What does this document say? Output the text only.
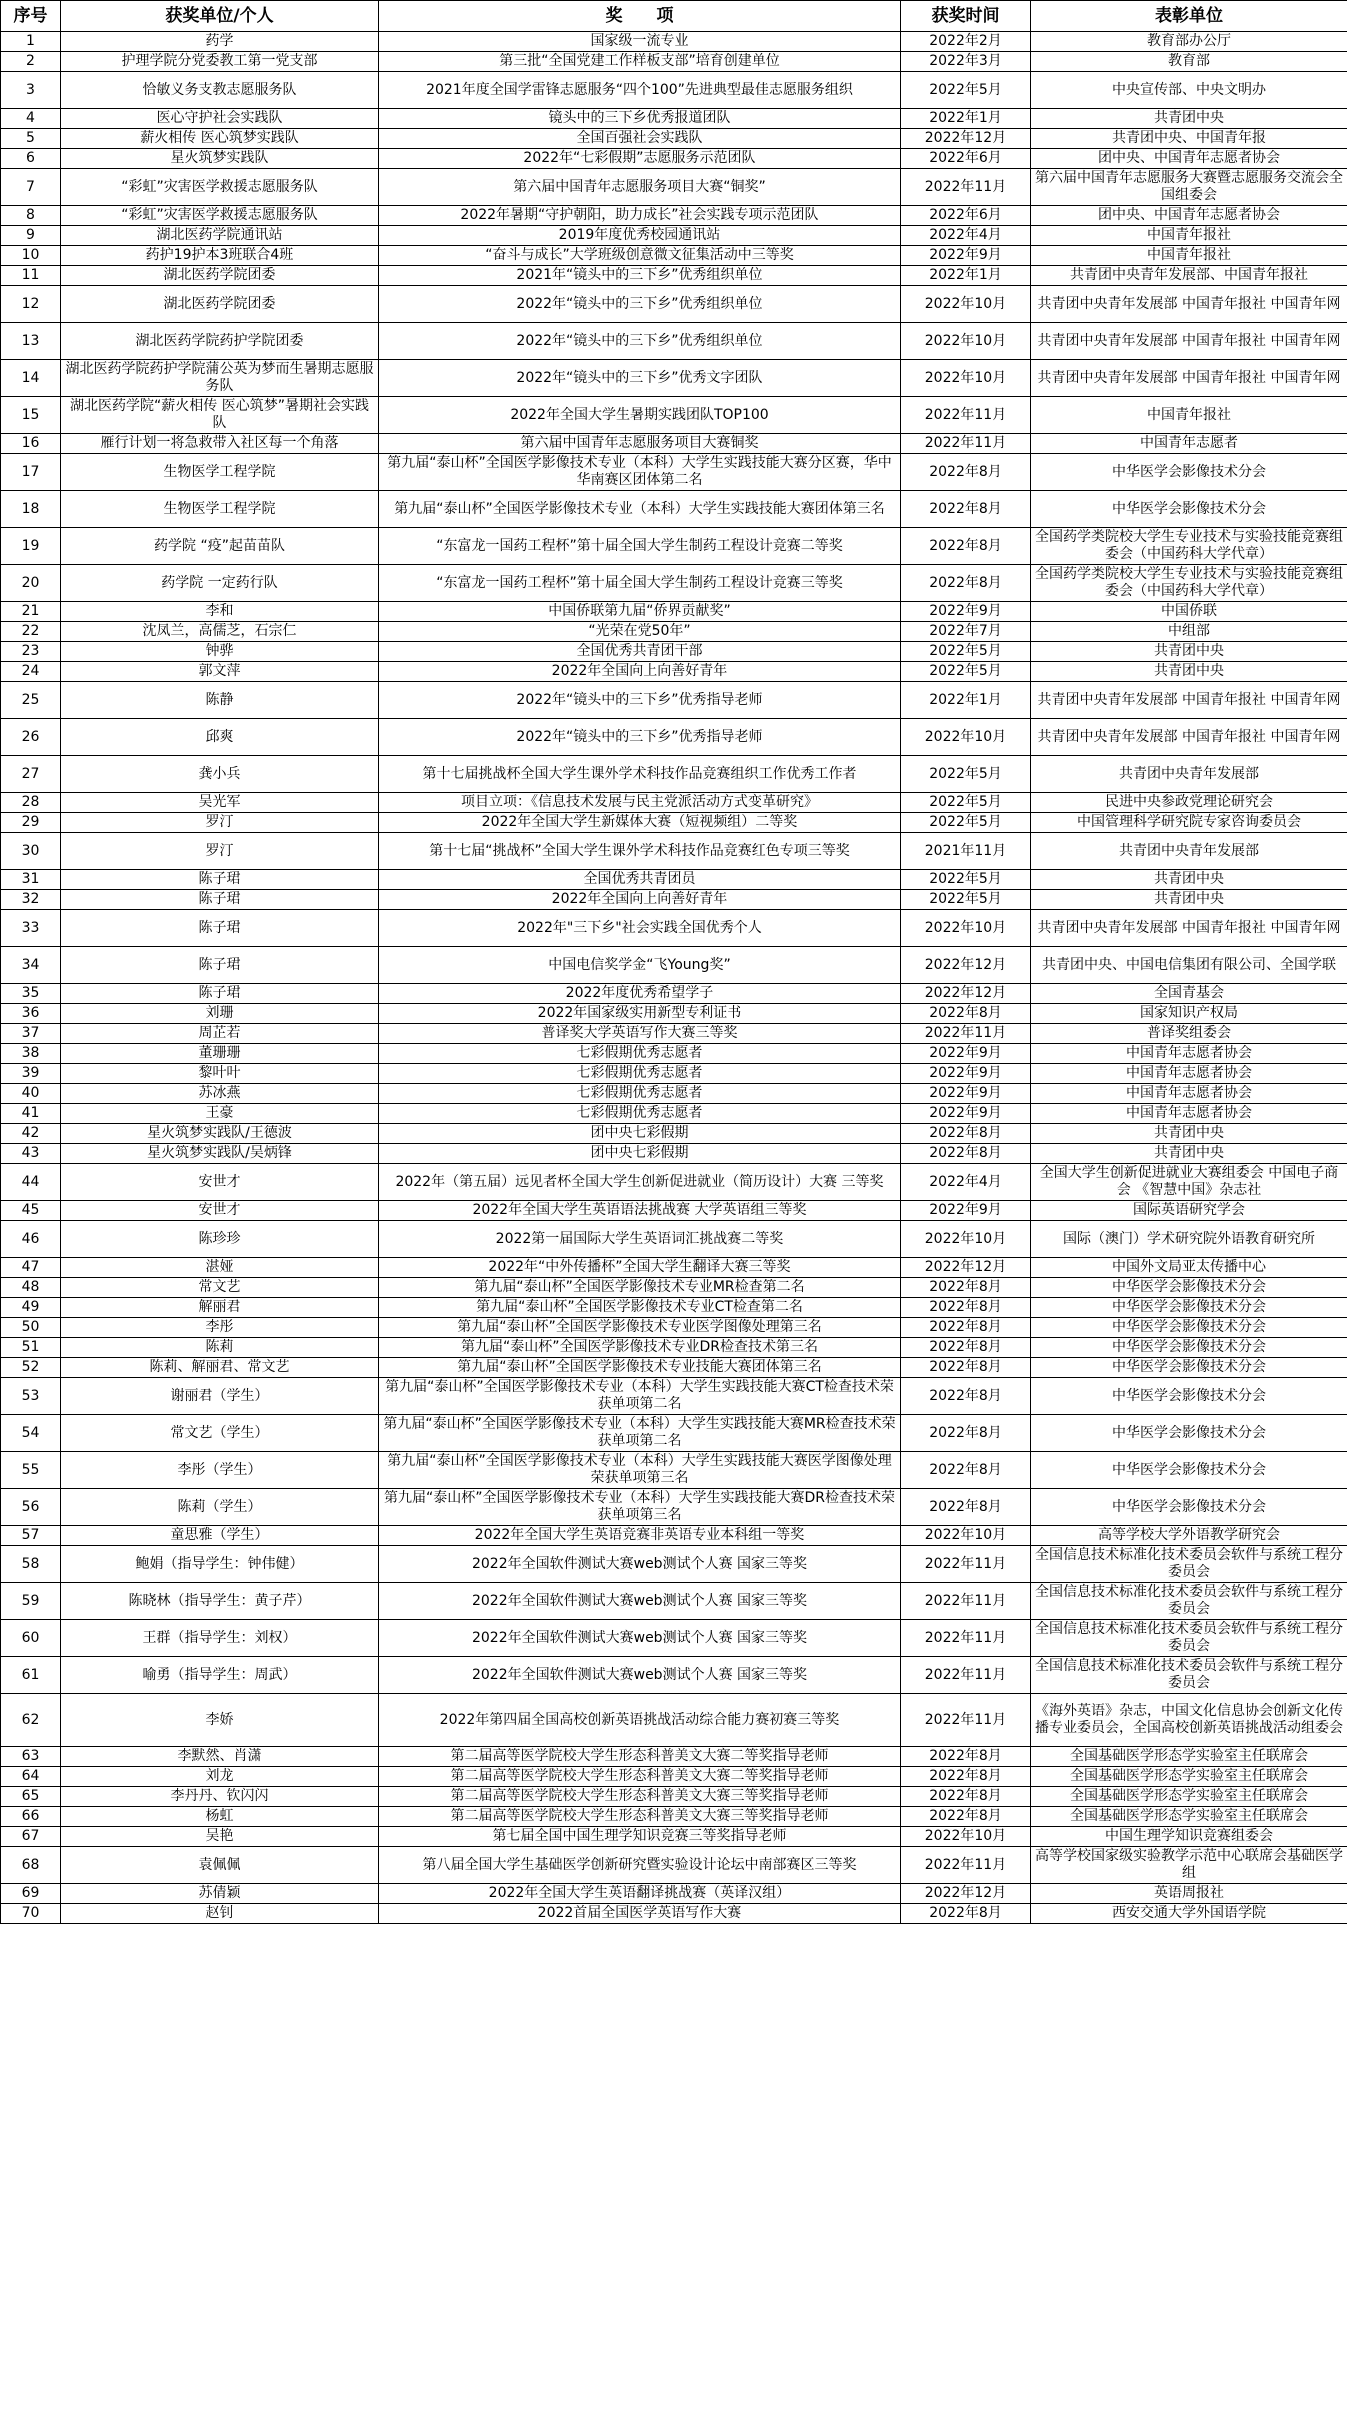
序号	获奖单位/个人	奖　　项	获奖时间	表彰单位
1	药学	国家级一流专业	2022年2月	教育部办公厅
2	护理学院分党委教工第一党支部	第三批“全国党建工作样板支部”培育创建单位	2022年3月	教育部
3	恰敏义务支教志愿服务队	2021年度全国学雷锋志愿服务“四个100”先进典型最佳志愿服务组织	2022年5月	中央宣传部、中央文明办
4	医心守护社会实践队	镜头中的三下乡优秀报道团队	2022年1月	共青团中央
5	薪火相传 医心筑梦实践队	全国百强社会实践队	2022年12月	共青团中央、中国青年报
6	星火筑梦实践队	2022年“七彩假期”志愿服务示范团队	2022年6月	团中央、中国青年志愿者协会
7	“彩虹”灾害医学救援志愿服务队	第六届中国青年志愿服务项目大赛“铜奖”	2022年11月	第六届中国青年志愿服务大赛暨志愿服务交流会全国组委会
8	“彩虹”灾害医学救援志愿服务队	2022年暑期“守护朝阳，助力成长”社会实践专项示范团队	2022年6月	团中央、中国青年志愿者协会
9	湖北医药学院通讯站	2019年度优秀校园通讯站	2022年4月	中国青年报社
10	药护19护本3班联合4班	“奋斗与成长”大学班级创意微文征集活动中三等奖	2022年9月	中国青年报社
11	湖北医药学院团委	2021年“镜头中的三下乡”优秀组织单位	2022年1月	共青团中央青年发展部、中国青年报社
12	湖北医药学院团委	2022年“镜头中的三下乡”优秀组织单位	2022年10月	共青团中央青年发展部 中国青年报社 中国青年网
13	湖北医药学院药护学院团委	2022年“镜头中的三下乡”优秀组织单位	2022年10月	共青团中央青年发展部 中国青年报社 中国青年网
14	湖北医药学院药护学院蒲公英为梦而生暑期志愿服务队	2022年“镜头中的三下乡”优秀文字团队	2022年10月	共青团中央青年发展部 中国青年报社 中国青年网
15	湖北医药学院“薪火相传 医心筑梦”暑期社会实践队	2022年全国大学生暑期实践团队TOP100	2022年11月	中国青年报社
16	雁行计划一将急救带入社区每一个角落	第六届中国青年志愿服务项目大赛铜奖	2022年11月	中国青年志愿者
17	生物医学工程学院	第九届“泰山杯”全国医学影像技术专业（本科）大学生实践技能大赛分区赛，华中华南赛区团体第二名	2022年8月	中华医学会影像技术分会
18	生物医学工程学院	第九届“泰山杯”全国医学影像技术专业（本科）大学生实践技能大赛团体第三名	2022年8月	中华医学会影像技术分会
19	药学院 “疫”起苗苗队	“东富龙一国药工程杯”第十届全国大学生制药工程设计竞赛二等奖	2022年8月	全国药学类院校大学生专业技术与实验技能竞赛组委会（中国药科大学代章）
20	药学院 一定药行队	“东富龙一国药工程杯”第十届全国大学生制药工程设计竞赛三等奖	2022年8月	全国药学类院校大学生专业技术与实验技能竞赛组委会（中国药科大学代章）
21	李和	中国侨联第九届“侨界贡献奖”	2022年9月	中国侨联
22	沈凤兰，高儒芝，石宗仁	“光荣在党50年”	2022年7月	中组部
23	钟骅	全国优秀共青团干部	2022年5月	共青团中央
24	郭文萍	2022年全国向上向善好青年	2022年5月	共青团中央
25	陈静	2022年“镜头中的三下乡”优秀指导老师	2022年1月	共青团中央青年发展部 中国青年报社 中国青年网
26	邱爽	2022年“镜头中的三下乡”优秀指导老师	2022年10月	共青团中央青年发展部 中国青年报社 中国青年网
27	龚小兵	第十七届挑战杯全国大学生课外学术科技作品竞赛组织工作优秀工作者	2022年5月	共青团中央青年发展部
28	吴光军	项目立项：《信息技术发展与民主党派活动方式变革研究》	2022年5月	民进中央参政党理论研究会
29	罗汀	2022年全国大学生新媒体大赛（短视频组）二等奖	2022年5月	中国管理科学研究院专家咨询委员会
30	罗汀	第十七届“挑战杯”全国大学生课外学术科技作品竞赛红色专项三等奖	2021年11月	共青团中央青年发展部
31	陈子珺	全国优秀共青团员	2022年5月	共青团中央
32	陈子珺	2022年全国向上向善好青年	2022年5月	共青团中央
33	陈子珺	2022年"三下乡"社会实践全国优秀个人	2022年10月	共青团中央青年发展部 中国青年报社 中国青年网
34	陈子珺	中国电信奖学金“飞Young奖”	2022年12月	共青团中央、中国电信集团有限公司、全国学联
35	陈子珺	2022年度优秀希望学子	2022年12月	全国青基会
36	刘珊	2022年国家级实用新型专利证书	2022年8月	国家知识产权局
37	周芷若	普译奖大学英语写作大赛三等奖	2022年11月	普译奖组委会
38	董珊珊	七彩假期优秀志愿者	2022年9月	中国青年志愿者协会
39	黎叶叶	七彩假期优秀志愿者	2022年9月	中国青年志愿者协会
40	苏冰燕	七彩假期优秀志愿者	2022年9月	中国青年志愿者协会
41	王豪	七彩假期优秀志愿者	2022年9月	中国青年志愿者协会
42	星火筑梦实践队/王德波	团中央七彩假期	2022年8月	共青团中央
43	星火筑梦实践队/吴炳锋	团中央七彩假期	2022年8月	共青团中央
44	安世才	2022年（第五届）远见者杯全国大学生创新促进就业（简历设计）大赛 三等奖	2022年4月	全国大学生创新促进就业大赛组委会 中国电子商会 《智慧中国》杂志社
45	安世才	2022年全国大学生英语语法挑战赛 大学英语组三等奖	2022年9月	国际英语研究学会
46	陈珍珍	2022第一届国际大学生英语词汇挑战赛二等奖	2022年10月	国际（澳门）学术研究院外语教育研究所
47	湛娅	2022年“中外传播杯”全国大学生翻译大赛三等奖	2022年12月	中国外文局亚太传播中心
48	常文艺	第九届“泰山杯”全国医学影像技术专业MR检查第二名	2022年8月	中华医学会影像技术分会
49	解丽君	第九届“泰山杯”全国医学影像技术专业CT检查第二名	2022年8月	中华医学会影像技术分会
50	李彤	第九届“泰山杯”全国医学影像技术专业医学图像处理第三名	2022年8月	中华医学会影像技术分会
51	陈莉	第九届“泰山杯”全国医学影像技术专业DR检查技术第三名	2022年8月	中华医学会影像技术分会
52	陈莉、解丽君、常文艺	第九届“泰山杯”全国医学影像技术专业技能大赛团体第三名	2022年8月	中华医学会影像技术分会
53	谢丽君（学生）	第九届“泰山杯”全国医学影像技术专业（本科）大学生实践技能大赛CT检查技术荣获单项第二名	2022年8月	中华医学会影像技术分会
54	常文艺（学生）	第九届“泰山杯”全国医学影像技术专业（本科）大学生实践技能大赛MR检查技术荣获单项第二名	2022年8月	中华医学会影像技术分会
55	李彤（学生）	第九届“泰山杯”全国医学影像技术专业（本科）大学生实践技能大赛医学图像处理荣获单项第三名	2022年8月	中华医学会影像技术分会
56	陈莉（学生）	第九届“泰山杯”全国医学影像技术专业（本科）大学生实践技能大赛DR检查技术荣获单项第三名	2022年8月	中华医学会影像技术分会
57	童思雅（学生）	2022年全国大学生英语竞赛非英语专业本科组一等奖	2022年10月	高等学校大学外语教学研究会
58	鲍娟（指导学生：钟伟健）	2022年全国软件测试大赛web测试个人赛 国家三等奖	2022年11月	全国信息技术标准化技术委员会软件与系统工程分委员会
59	陈晓林（指导学生：黄子芹）	2022年全国软件测试大赛web测试个人赛 国家三等奖	2022年11月	全国信息技术标准化技术委员会软件与系统工程分委员会
60	王群（指导学生：刘权）	2022年全国软件测试大赛web测试个人赛 国家三等奖	2022年11月	全国信息技术标准化技术委员会软件与系统工程分委员会
61	喻勇（指导学生：周武）	2022年全国软件测试大赛web测试个人赛 国家三等奖	2022年11月	全国信息技术标准化技术委员会软件与系统工程分委员会
62	李娇	2022年第四届全国高校创新英语挑战活动综合能力赛初赛三等奖	2022年11月	《海外英语》杂志，中国文化信息协会创新文化传播专业委员会，全国高校创新英语挑战活动组委会
63	李默然、肖潇	第二届高等医学院校大学生形态科普美文大赛二等奖指导老师	2022年8月	全国基础医学形态学实验室主任联席会
64	刘龙	第二届高等医学院校大学生形态科普美文大赛二等奖指导老师	2022年8月	全国基础医学形态学实验室主任联席会
65	李丹丹、钦闪闪	第二届高等医学院校大学生形态科普美文大赛三等奖指导老师	2022年8月	全国基础医学形态学实验室主任联席会
66	杨虹	第二届高等医学院校大学生形态科普美文大赛三等奖指导老师	2022年8月	全国基础医学形态学实验室主任联席会
67	吴艳	第七届全国中国生理学知识竞赛三等奖指导老师	2022年10月	中国生理学知识竞赛组委会
68	袁佩佩	第八届全国大学生基础医学创新研究暨实验设计论坛中南部赛区三等奖	2022年11月	高等学校国家级实验教学示范中心联席会基础医学组
69	苏倩颖	2022年全国大学生英语翻译挑战赛（英译汉组）	2022年12月	英语周报社
70	赵钊	2022首届全国医学英语写作大赛	2022年8月	西安交通大学外国语学院
